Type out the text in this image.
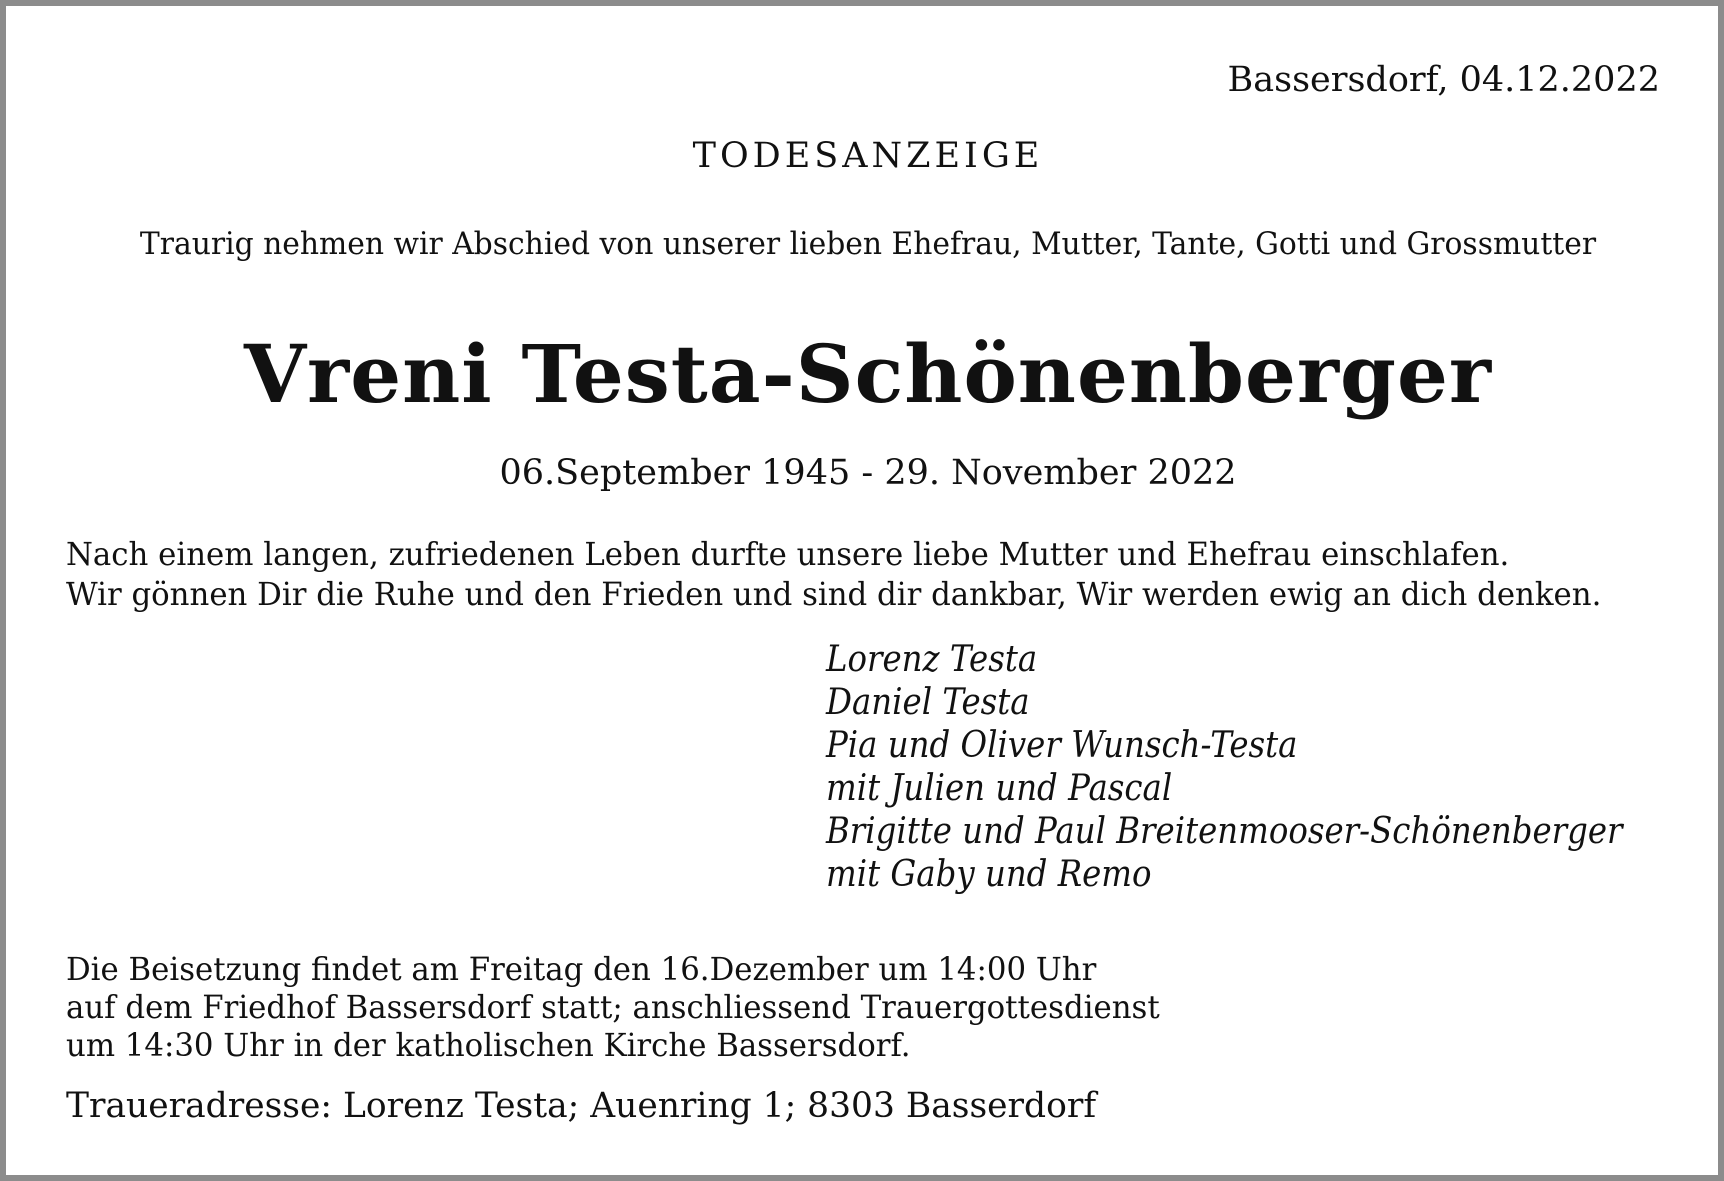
Bassersdorf, 04.12.2022
TODESANZEIGE
Traurig nehmen wir Abschied von unserer lieben Ehefrau, Mutter, Tante, Gotti und Grossmutter
Vreni Testa-Schönenberger
06.September 1945 - 29. November 2022
Nach einem langen, zufriedenen Leben durfte unsere liebe Mutter und Ehefrau einschlafen.
Wir gönnen Dir die Ruhe und den Frieden und sind dir dankbar, Wir werden ewig an dich denken.
Lorenz Testa
Daniel Testa
Pia und Oliver Wunsch-Testa
mit Julien und Pascal
Brigitte und Paul Breitenmooser-Schönenberger
mit Gaby und Remo
Die Beisetzung findet am Freitag den 16.Dezember um 14:00 Uhr
auf dem Friedhof Bassersdorf statt; anschliessend Trauergottesdienst
um 14:30 Uhr in der katholischen Kirche Bassersdorf.
Traueradresse: Lorenz Testa; Auenring 1; 8303 Basserdorf
